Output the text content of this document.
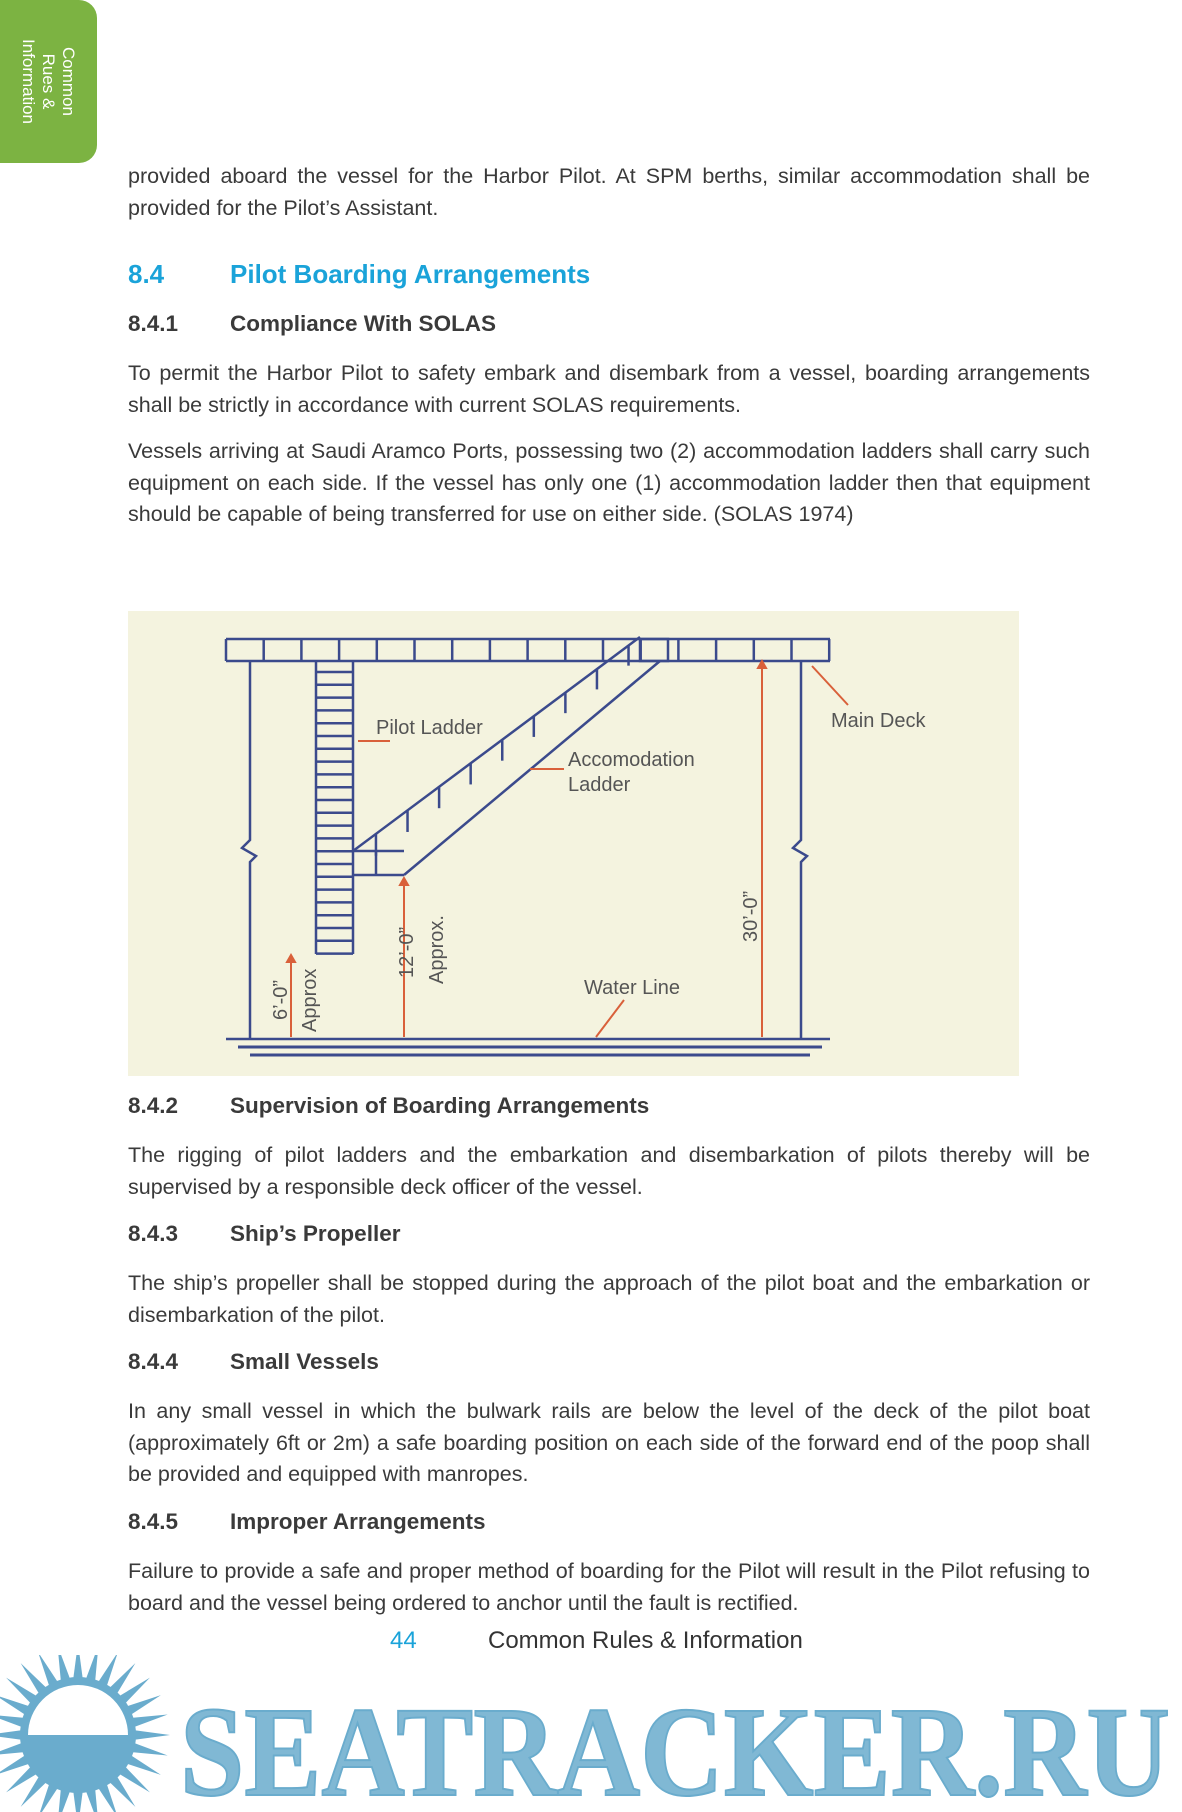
Common
Rues &
Information
provided aboard the vessel for the Harbor Pilot. At SPM berths, similar accommodation shall be provided for the Pilot’s Assistant.
8.4	Pilot Boarding Arrangements
8.4.1 Compliance With SOLAS
To permit the Harbor Pilot to safety embark and disembark from a vessel, boarding arrangements shall be strictly in accordance with current SOLAS requirements.
Vessels arriving at Saudi Aramco Ports, possessing two (2) accommodation ladders shall carry such equipment on each side. If the vessel has only one (1) accommodation ladder then that equipment should be capable of being transferred for use on either side. (SOLAS 1974)
Pilot Ladder
Accomodation
Ladder
Main Deck
Water Line
30’-0”
12’-0” Approx.
6’-0” Approx
8.4.2 Supervision of Boarding Arrangements
The rigging of pilot ladders and the embarkation and disembarkation of pilots thereby will be supervised by a responsible deck officer of the vessel.
8.4.3 Ship’s Propeller
The ship’s propeller shall be stopped during the approach of the pilot boat and the embarkation or disembarkation of the pilot.
8.4.4 Small Vessels
In any small vessel in which the bulwark rails are below the level of the deck of the pilot boat (approximately 6ft or 2m) a safe boarding position on each side of the forward end of the poop shall be provided and equipped with manropes.
8.4.5 Improper Arrangements
Failure to provide a safe and proper method of boarding for the Pilot will result in the Pilot refusing to board and the vessel being ordered to anchor until the fault is rectified.
44	Common Rules & Information
SEATRACKER.RU
